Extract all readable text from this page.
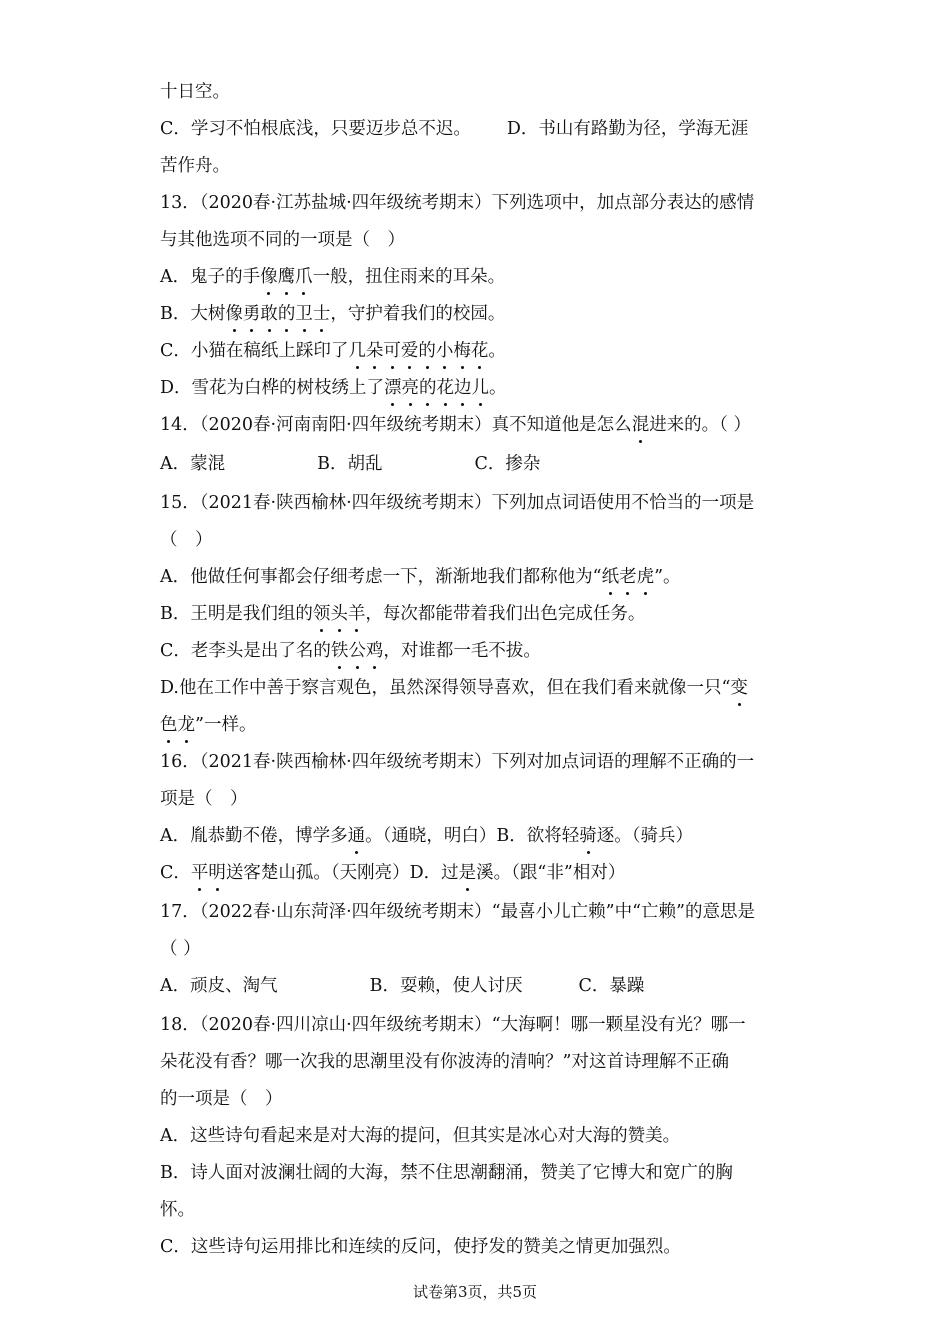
十日空。
C．学习不怕根底浅，只要迈步总不迟。 D．书山有路勤为径，学海无涯
苦作舟。
13．（2020春·江苏盐城·四年级统考期末）下列选项中，加点部分表达的感情
与其他选项不同的一项是（　）
A．鬼子的手像鹰爪一般，扭住雨来的耳朵。
B．大树像勇敢的卫士，守护着我们的校园。
C．小猫在稿纸上踩印了几朵可爱的小梅花。
D．雪花为白桦的树枝绣上了漂亮的花边儿。
14．（2020春·河南南阳·四年级统考期末）真不知道他是怎么混进来的。（ ）
A．蒙混	B．胡乱	C．掺杂
15．（2021春·陕西榆林·四年级统考期末）下列加点词语使用不恰当的一项是
（　）
A．他做任何事都会仔细考虑一下，渐渐地我们都称他为“纸老虎”。
B．王明是我们组的领头羊，每次都能带着我们出色完成任务。
C．老李头是出了名的铁公鸡，对谁都一毛不拔。
D.他在工作中善于察言观色，虽然深得领导喜欢，但在我们看来就像一只“变
色龙”一样。
16．（2021春·陕西榆林·四年级统考期末）下列对加点词语的理解不正确的一
项是（　）
A．胤恭勤不倦，博学多通。（通晓，明白）B．欲将轻骑逐。（骑兵）
C．平明送客楚山孤。（天刚亮）D．过是溪。（跟“非”相对）
17．（2022春·山东菏泽·四年级统考期末）“最喜小儿亡赖”中“亡赖”的意思是
（ ）
A．顽皮、淘气	B．耍赖，使人讨厌	C．暴躁
18．（2020春·四川凉山·四年级统考期末）“大海啊！哪一颗星没有光？哪一
朵花没有香？哪一次我的思潮里没有你波涛的清响？”对这首诗理解不正确
的一项是（　）
A．这些诗句看起来是对大海的提问，但其实是冰心对大海的赞美。
B．诗人面对波澜壮阔的大海，禁不住思潮翻涌，赞美了它博大和宽广的胸
怀。
C．这些诗句运用排比和连续的反问，使抒发的赞美之情更加强烈。
试卷第3页，共5页
